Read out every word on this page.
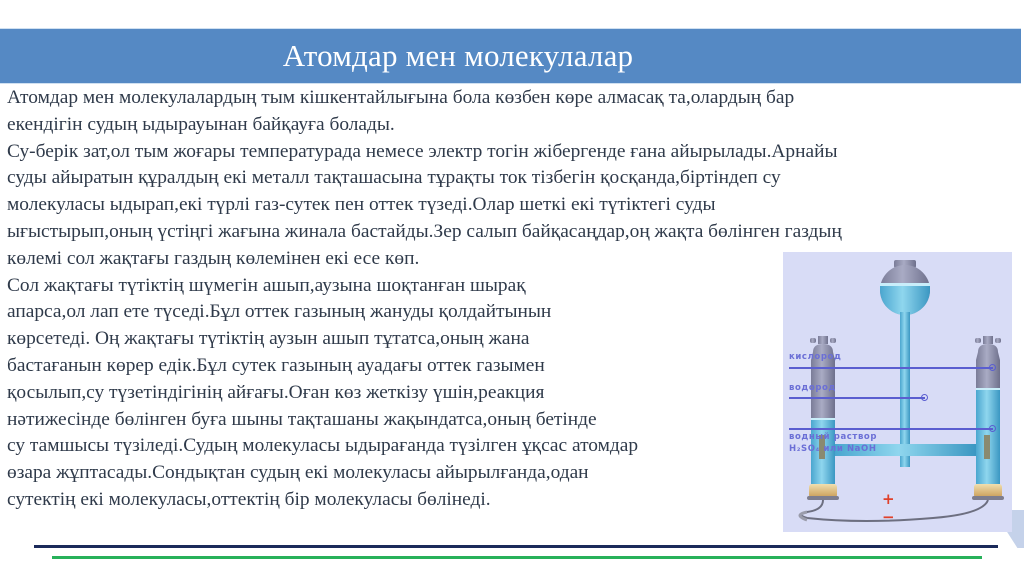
Атомдар мен молекулалар
Атомдар мен молекулалардың тым кішкентайлығына бола көзбен көре алмасақ та,олардың бар
екендігін судың ыдырауынан байқауға болады.
Су-берік зат,ол тым жоғары температурада немесе электр тогін жібергенде ғана айырылады.Арнайы
суды айыратын құралдың екі металл тақташасына тұрақты ток тізбегін қосқанда,біртіндеп су
молекуласы ыдырап,екі түрлі газ-сутек пен оттек түзеді.Олар шеткі екі түтіктегі суды
ығыстырып,оның үстіңгі жағына жинала бастайды.Зер салып байқасаңдар,оң жақта бөлінген газдың
көлемі сол жақтағы газдың көлемінен екі есе көп.
Сол жақтағы түтіктің шүмегін ашып,аузына шоқтанған шырақ
апарса,ол лап ете түседі.Бұл оттек газының жануды қолдайтынын
көрсетеді. Оң жақтағы түтіктің аузын ашып тұтатса,оның жана
бастағанын көрер едік.Бұл сутек газының ауадағы оттек газымен
қосылып,су түзетіндігінің айғағы.Оған көз жеткізу үшін,реакция
нәтижесінде бөлінген буға шыны тақташаны жақындатса,оның бетінде
су тамшысы түзіледі.Судың молекуласы ыдырағанда түзілген ұқсас атомдар
өзара жұптасады.Сондықтан судың екі молекуласы айырылғанда,одан
сутектің екі молекуласы,оттектің бір молекуласы бөлінеді.
кислород
водород
водный раствор
H₂SO₄ или NaOH
+
−
